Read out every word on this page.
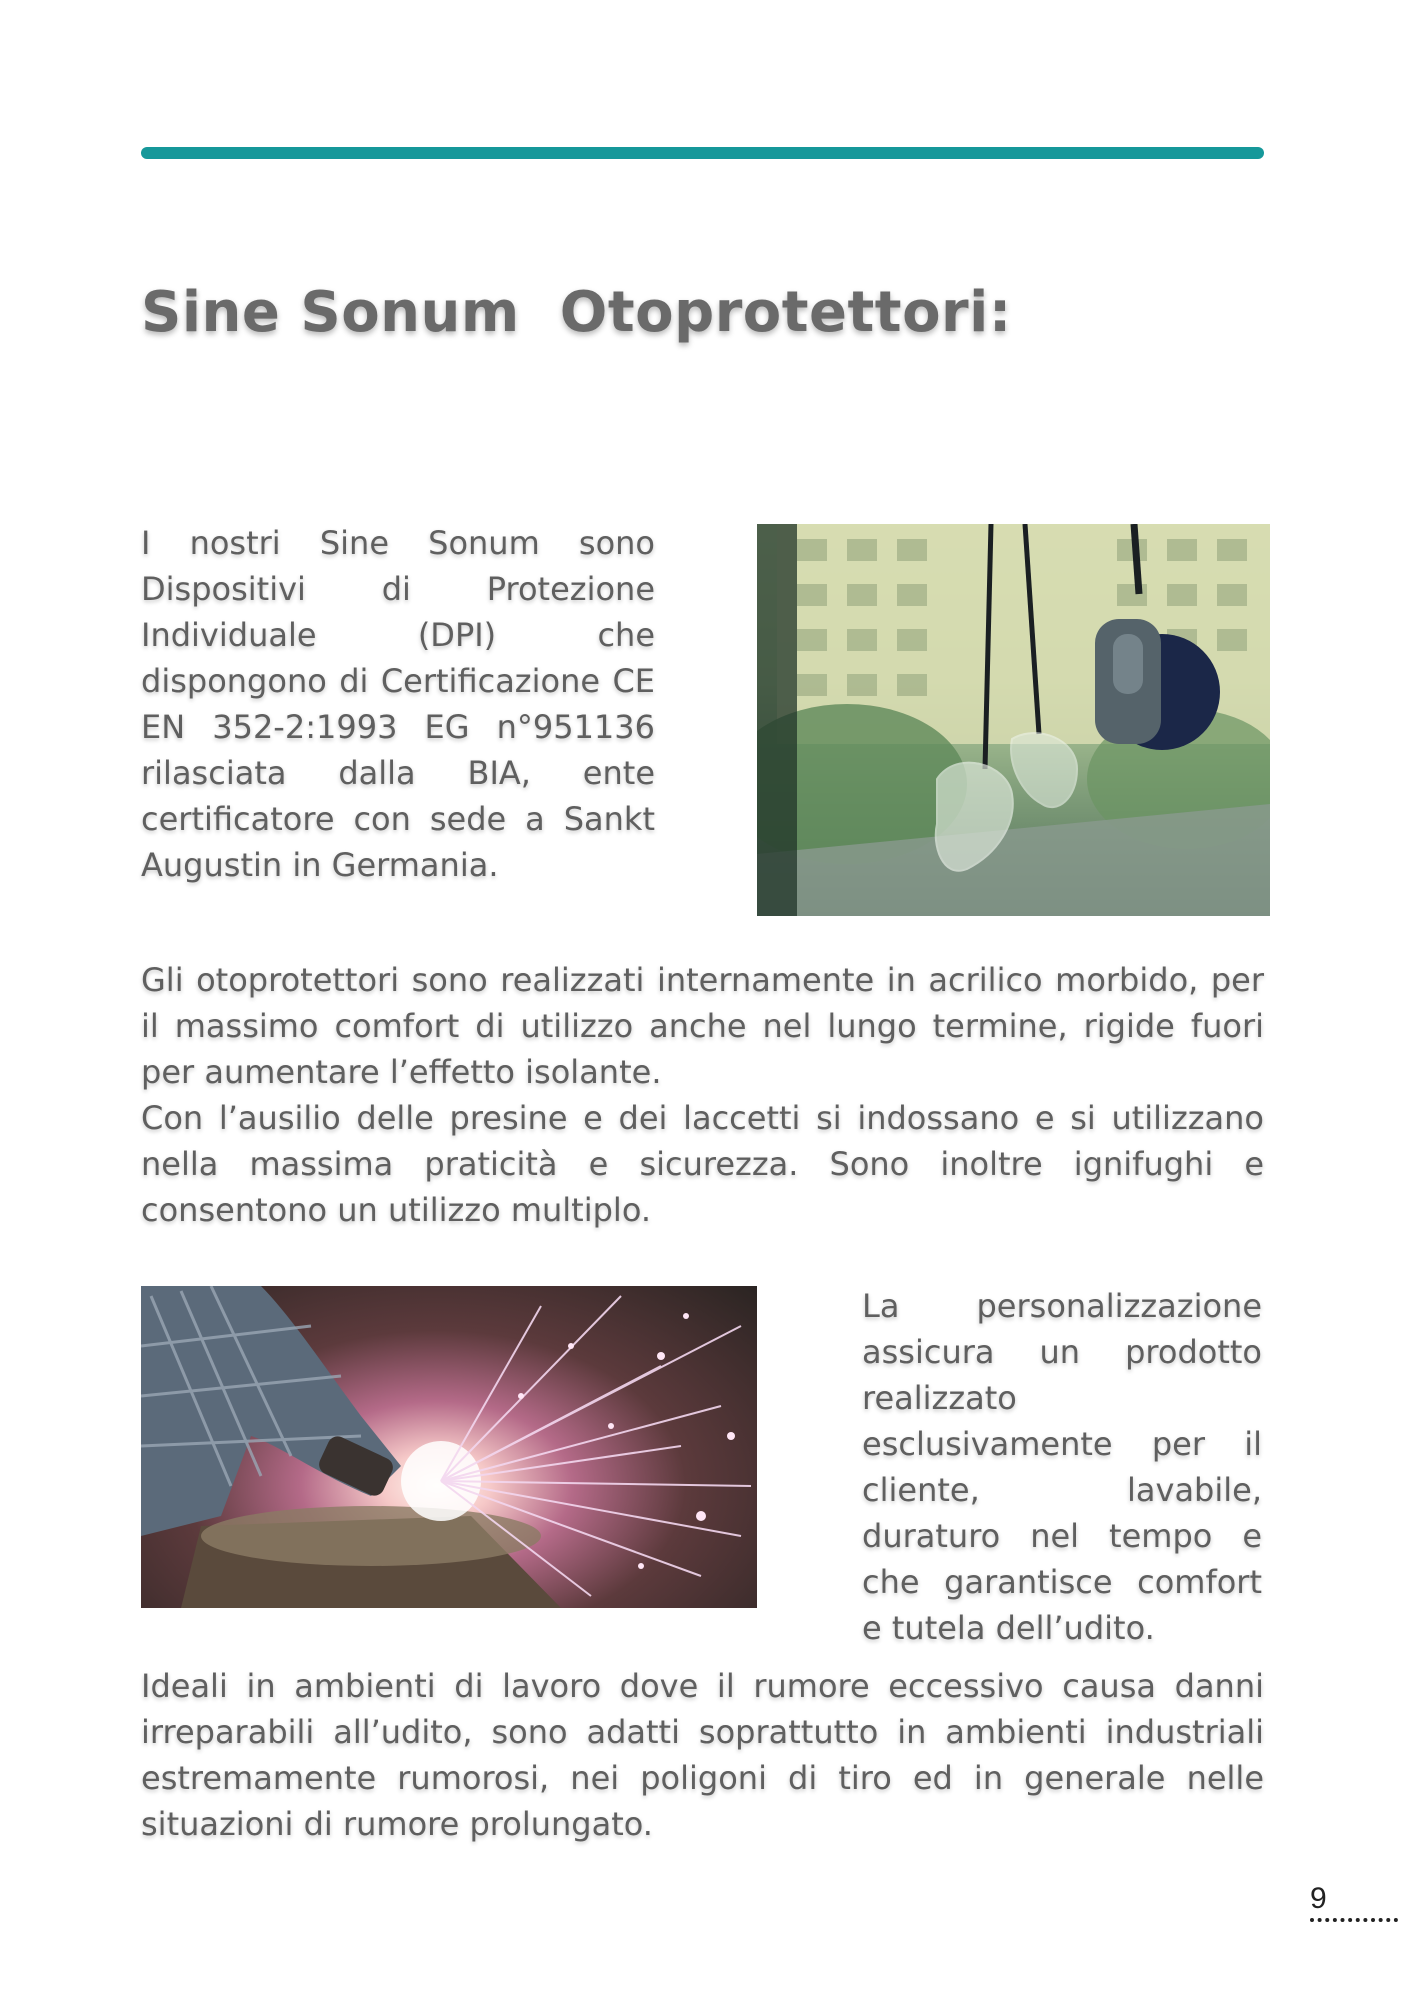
Sine Sonum  Otoprotettori:

I nostri Sine Sonum sono Dispositivi di Protezione Individuale (DPI) che dispongono di Certificazione CE EN 352-2:1993 EG n°951136 rilasciata dalla BIA, ente certificatore con sede a Sankt Augustin in Germania.

Gli otoprotettori sono realizzati internamente in acrilico morbido, per il massimo comfort di utilizzo anche nel lungo termine, rigide fuori per aumentare l’effetto isolante.
Con l’ausilio delle presine e dei laccetti si indossano e si utilizzano nella massima praticità e sicurezza. Sono inoltre ignifughi e consentono un utilizzo multiplo.

La personalizzazione assicura un prodotto realizzato esclusivamente per il cliente, lavabile, duraturo nel tempo e che garantisce comfort e tutela dell’udito.

Ideali in ambienti di lavoro dove il rumore eccessivo causa danni irreparabili all’udito, sono adatti soprattutto in ambienti industriali estremamente rumorosi, nei poligoni di tiro ed in generale nelle situazioni di rumore prolungato.

9
